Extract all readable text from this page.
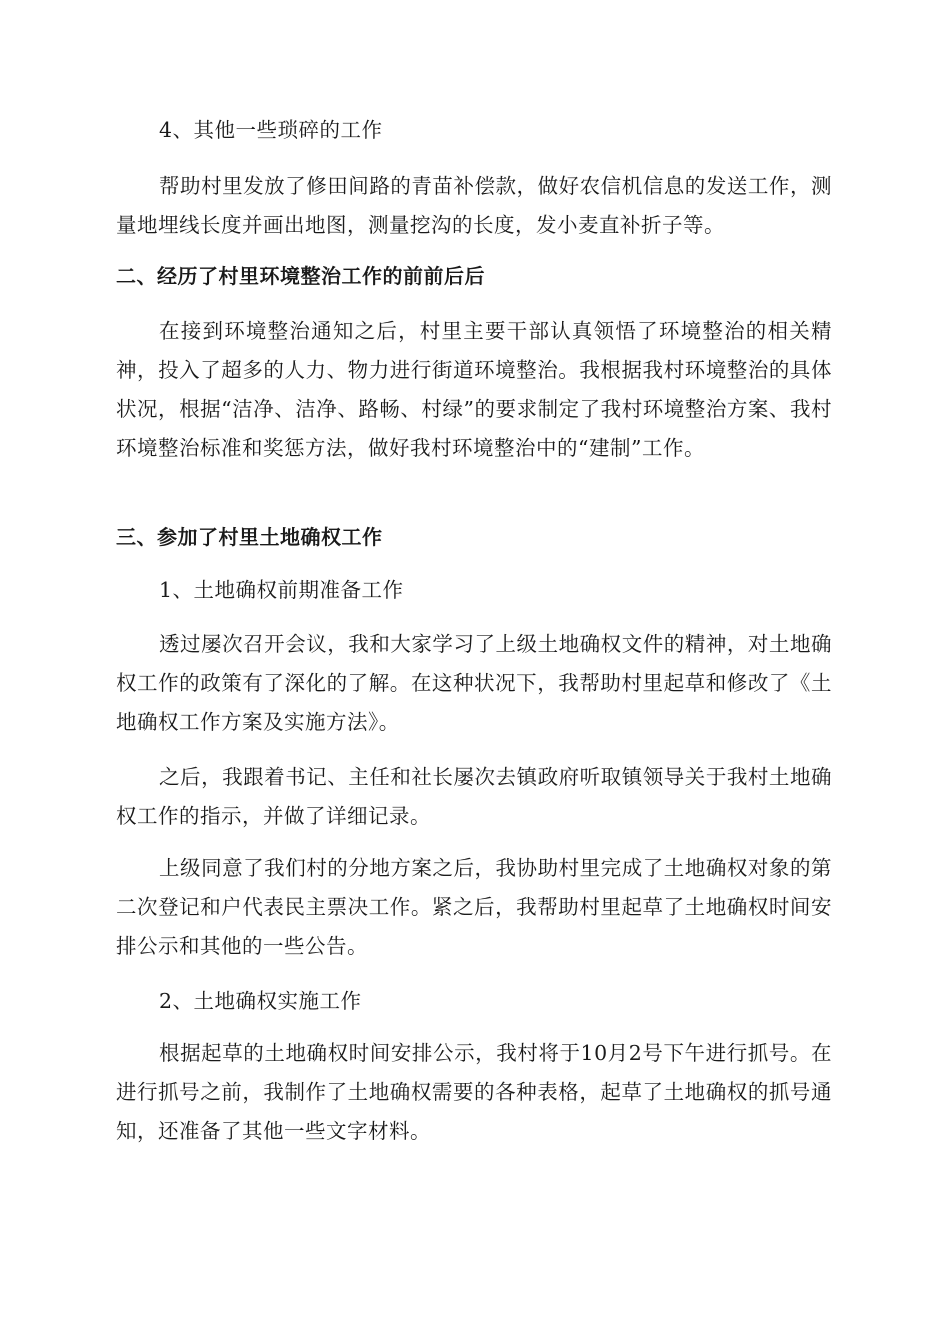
4、其他一些琐碎的工作

帮助村里发放了修田间路的青苗补偿款，做好农信机信息的发送工作，测量地埋线长度并画出地图，测量挖沟的长度，发小麦直补折子等。

二、经历了村里环境整治工作的前前后后

在接到环境整治通知之后，村里主要干部认真领悟了环境整治的相关精神，投入了超多的人力、物力进行街道环境整治。我根据我村环境整治的具体状况，根据“洁净、洁净、路畅、村绿”的要求制定了我村环境整治方案、我村环境整治标准和奖惩方法，做好我村环境整治中的“建制”工作。

三、参加了村里土地确权工作

1、土地确权前期准备工作

透过屡次召开会议，我和大家学习了上级土地确权文件的精神，对土地确权工作的政策有了深化的了解。在这种状况下，我帮助村里起草和修改了《土地确权工作方案及实施方法》。

之后，我跟着书记、主任和社长屡次去镇政府听取镇领导关于我村土地确权工作的指示，并做了详细记录。

上级同意了我们村的分地方案之后，我协助村里完成了土地确权对象的第二次登记和户代表民主票决工作。紧之后，我帮助村里起草了土地确权时间安排公示和其他的一些公告。

2、土地确权实施工作

根据起草的土地确权时间安排公示，我村将于10月2号下午进行抓号。在进行抓号之前，我制作了土地确权需要的各种表格，起草了土地确权的抓号通知，还准备了其他一些文字材料。
